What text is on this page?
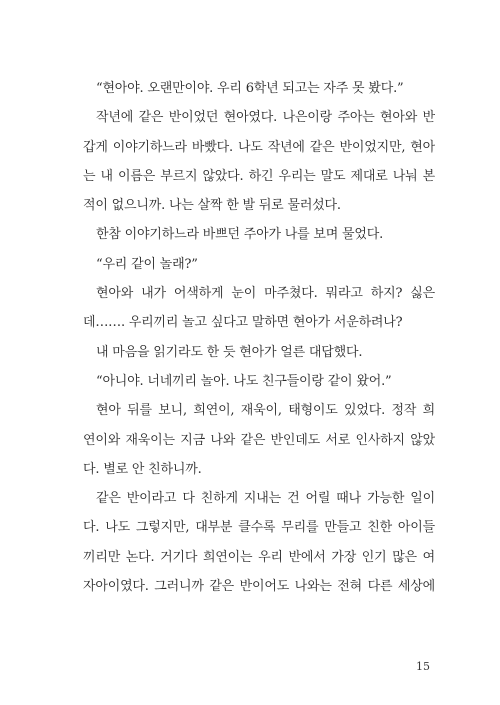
“현아야. 오랜만이야. 우리 6학년 되고는 자주 못 봤다.”
작년에 같은 반이었던 현아였다. 나은이랑 주아는 현아와 반
갑게 이야기하느라 바빴다. 나도 작년에 같은 반이었지만, 현아
는 내 이름은 부르지 않았다. 하긴 우리는 말도 제대로 나눠 본
적이 없으니까. 나는 살짝 한 발 뒤로 물러섰다.
한참 이야기하느라 바쁘던 주아가 나를 보며 물었다.
“우리 같이 놀래?”
현아와 내가 어색하게 눈이 마주쳤다. 뭐라고 하지? 싫은
데……. 우리끼리 놀고 싶다고 말하면 현아가 서운하려나?
내 마음을 읽기라도 한 듯 현아가 얼른 대답했다.
“아니야. 너네끼리 놀아. 나도 친구들이랑 같이 왔어.”
현아 뒤를 보니, 희연이, 재욱이, 태형이도 있었다. 정작 희
연이와 재욱이는 지금 나와 같은 반인데도 서로 인사하지 않았
다. 별로 안 친하니까.
같은 반이라고 다 친하게 지내는 건 어릴 때나 가능한 일이
다. 나도 그렇지만, 대부분 클수록 무리를 만들고 친한 아이들
끼리만 논다. 거기다 희연이는 우리 반에서 가장 인기 많은 여
자아이였다. 그러니까 같은 반이어도 나와는 전혀 다른 세상에
15
